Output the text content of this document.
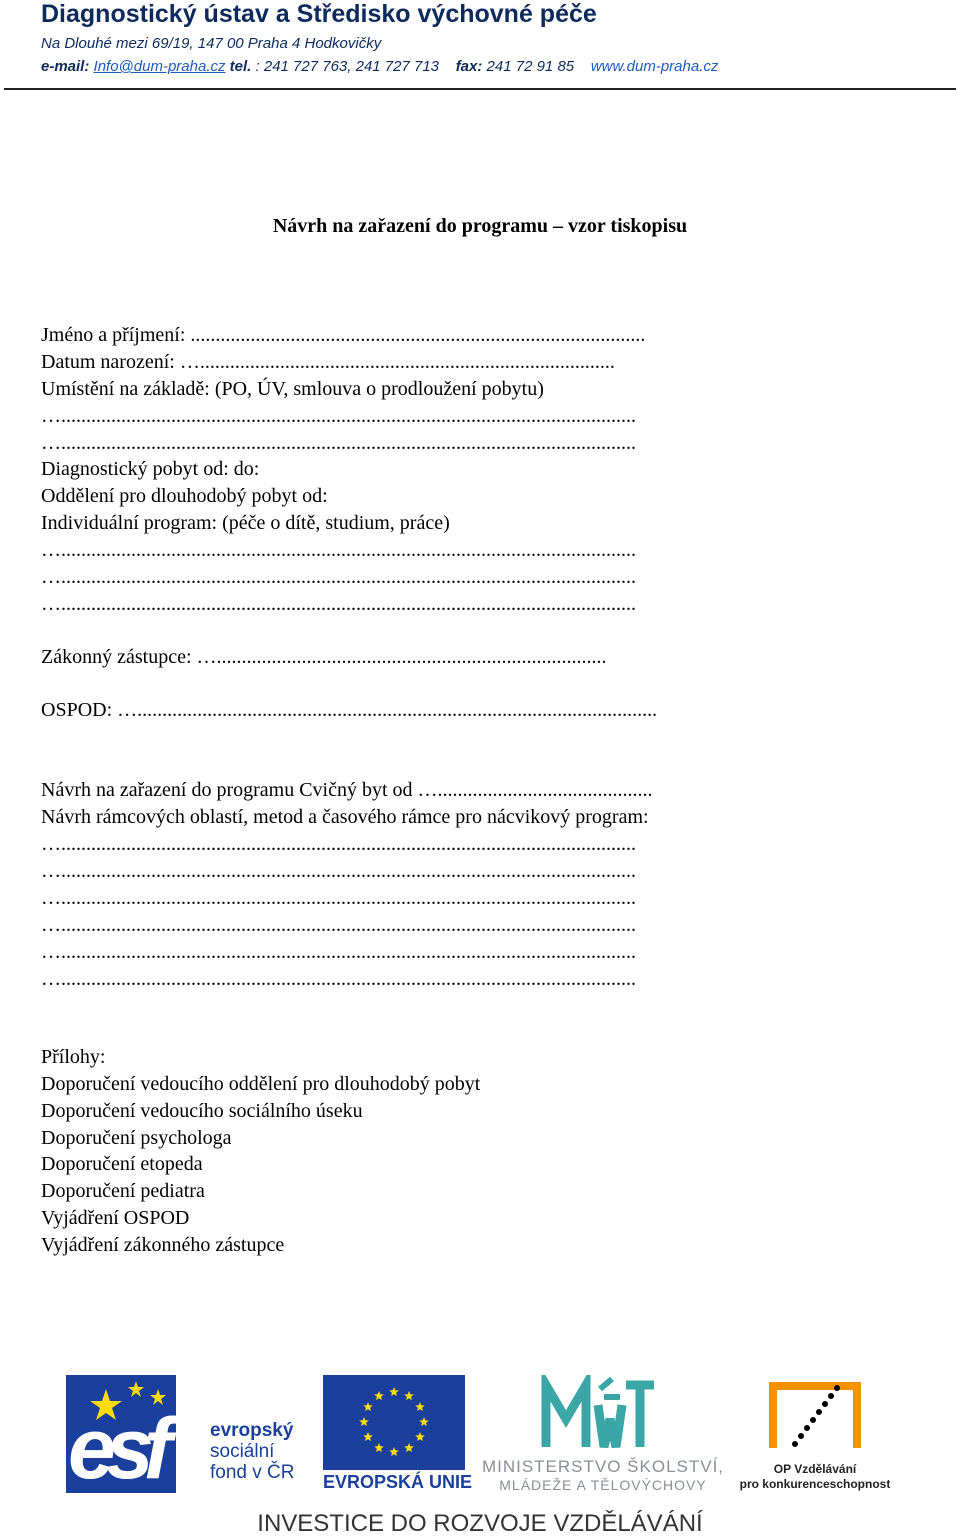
Diagnostický ústav a Středisko výchovné péče
Na Dlouhé mezi 69/19, 147 00 Praha 4 Hodkovičky
e-mail: Info@dum-praha.cz tel. : 241 727 763, 241 727 713 fax: 241 72 91 85 www.dum-praha.cz
Návrh na zařazení do programu – vzor tiskopisu
Jméno a příjmení: ...........................................................................................
Datum narození: …...................................................................................
Umístění na základě: (PO, ÚV, smlouva o prodloužení pobytu)
…...................................................................................................................
…...................................................................................................................
Diagnostický pobyt od: do:
Oddělení pro dlouhodobý pobyt od:
Individuální program: (péče o dítě, studium, práce)
…...................................................................................................................
…...................................................................................................................
…...................................................................................................................
Zákonný zástupce: …..............................................................................
OSPOD: …........................................................................................................
Návrh na zařazení do programu Cvičný byt od …...........................................
Návrh rámcových oblastí, metod a časového rámce pro nácvikový program:
…...................................................................................................................
…...................................................................................................................
…...................................................................................................................
…...................................................................................................................
…...................................................................................................................
…...................................................................................................................
Přílohy:
Doporučení vedoucího oddělení pro dlouhodobý pobyt
Doporučení vedoucího sociálního úseku
Doporučení psychologa
Doporučení etopeda
Doporučení pediatra
Vyjádření OSPOD
Vyjádření zákonného zástupce
esf	evropský
sociální
fond v ČR EVROPSKÁ UNIE
MINISTERSTVO ŠKOLSTVÍ,
MLÁDEŽE A TĚLOVÝCHOVY
OP Vzdělávání
pro konkurenceschopnost
INVESTICE DO ROZVOJE VZDĚLÁVÁNÍ
